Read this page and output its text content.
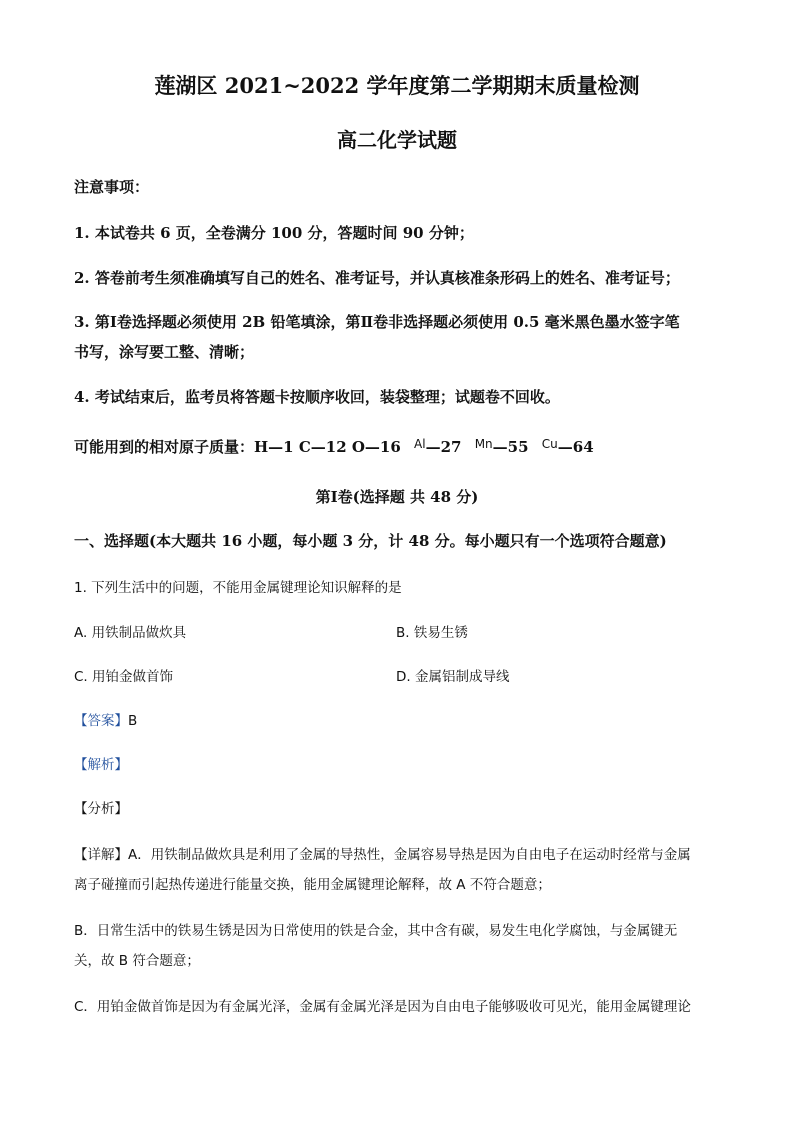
莲湖区 2021~2022 学年度第二学期期末质量检测
高二化学试题
注意事项：
1. 本试卷共 6 页，全卷满分 100 分，答题时间 90 分钟；
2. 答卷前考生须准确填写自己的姓名、准考证号，并认真核准条形码上的姓名、准考证号；
3. 第Ⅰ卷选择题必须使用 2B 铅笔填涂，第Ⅱ卷非选择题必须使用 0.5 毫米黑色墨水签字笔
书写，涂写要工整、清晰；
4. 考试结束后，监考员将答题卡按顺序收回，装袋整理；试题卷不回收。
可能用到的相对原子质量：H—1 C—12 O—16 $^{Al}$—27 $^{Mn}$—55 $^{Cu}$—64
第Ⅰ卷(选择题 共 48 分)
一、选择题(本大题共 16 小题，每小题 3 分，计 48 分。每小题只有一个选项符合题意)
1. 下列生活中的问题，不能用金属键理论知识解释的是
A. 用铁制品做炊具	B. 铁易生锈
C. 用铂金做首饰	D. 金属铝制成导线
【答案】B
【解析】
【分析】
【详解】A．用铁制品做炊具是利用了金属的导热性，金属容易导热是因为自由电子在运动时经常与金属
离子碰撞而引起热传递进行能量交换，能用金属键理论解释，故 A 不符合题意；
B．日常生活中的铁易生锈是因为日常使用的铁是合金，其中含有碳，易发生电化学腐蚀，与金属键无
关，故 B 符合题意；
C．用铂金做首饰是因为有金属光泽，金属有金属光泽是因为自由电子能够吸收可见光，能用金属键理论
